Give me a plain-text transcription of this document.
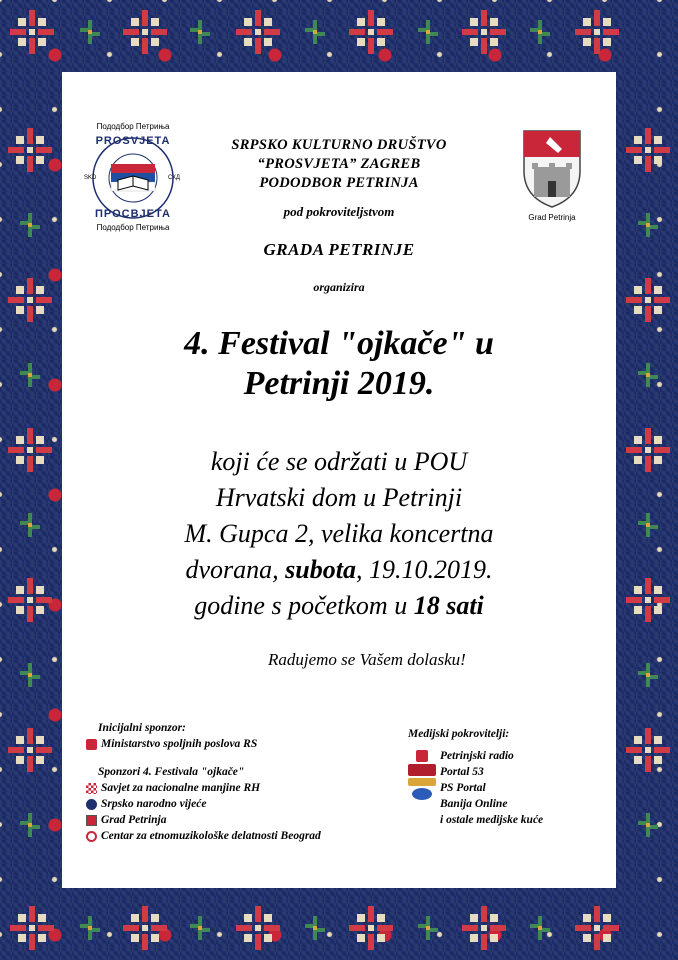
Пододбор Петриња
PROSVJETA
SKD	СКД
ПРОСВЈЕТА
Пододбор Петриња
Grad Petrinja
SRPSKO KULTURNO DRUŠTVO
“PROSVJETA” ZAGREB
PODODBOR PETRINJA
pod pokroviteljstvom
GRADA PETRINJE
organizira
4. Festival "ojkače" u
Petrinji 2019.
koji će se održati u POU
Hrvatski dom u Petrinji
M. Gupca 2, velika koncertna
dvorana, subota, 19.10.2019.
godine s početkom u 18 sati
Radujemo se Vašem dolasku!
Inicijalni sponzor:
Ministarstvo spoljnih poslova RS
Sponzori 4. Festivala "ojkače"
Savjet za nacionalne manjine RH
Srpsko narodno vijeće
Grad Petrinja
Centar za etnomuzikološke delatnosti Beograd
Medijski pokrovitelji:
Petrinjski radio
Portal 53
PS Portal
Banija Online
i ostale medijske kuće
